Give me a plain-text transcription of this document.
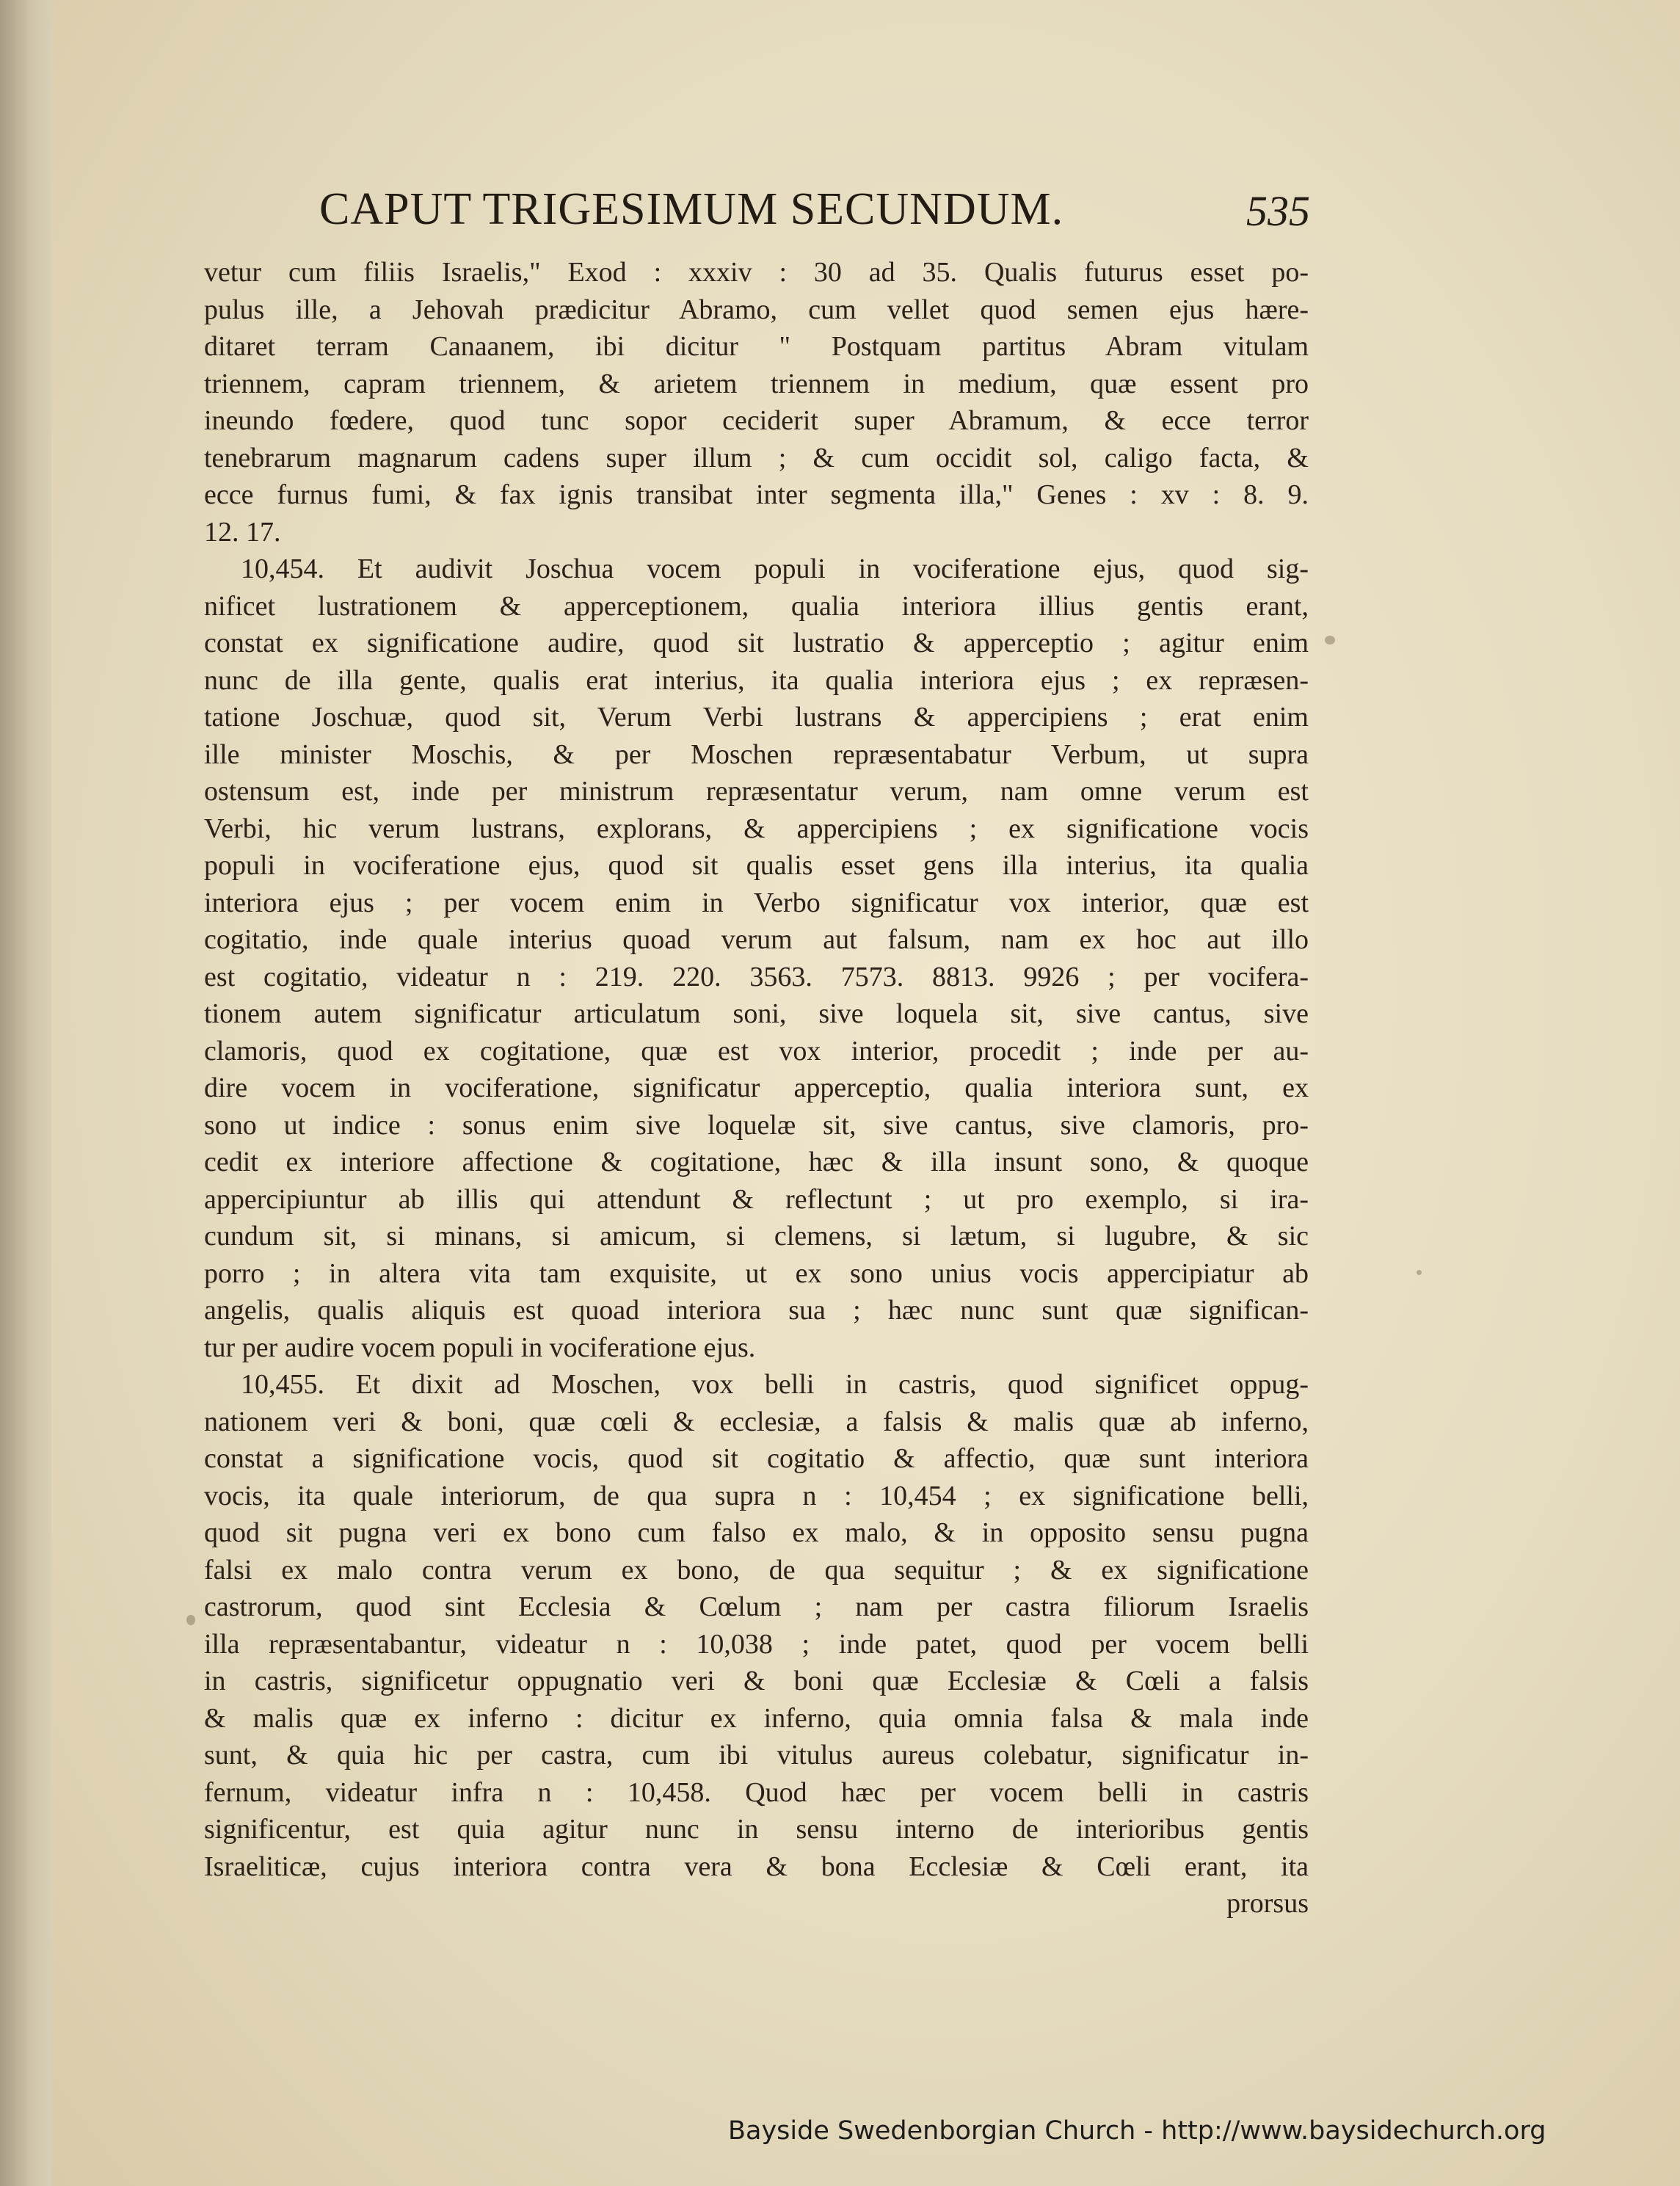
CAPUT TRIGESIMUM SECUNDUM.	535
vetur cum filiis Israelis," Exod : xxxiv : 30 ad 35. Qualis futurus esset po-
pulus ille, a Jehovah prædicitur Abramo, cum vellet quod semen ejus hære-
ditaret terram Canaanem, ibi dicitur " Postquam partitus Abram vitulam
triennem, capram triennem, & arietem triennem in medium, quæ essent pro
ineundo fœdere, quod tunc sopor ceciderit super Abramum, & ecce terror
tenebrarum magnarum cadens super illum ; & cum occidit sol, caligo facta, &
ecce furnus fumi, & fax ignis transibat inter segmenta illa," Genes : xv : 8. 9.
12. 17.
10,454. Et audivit Joschua vocem populi in vociferatione ejus, quod sig-
nificet lustrationem & apperceptionem, qualia interiora illius gentis erant,
constat ex significatione audire, quod sit lustratio & apperceptio ; agitur enim
nunc de illa gente, qualis erat interius, ita qualia interiora ejus ; ex repræsen-
tatione Joschuæ, quod sit, Verum Verbi lustrans & appercipiens ; erat enim
ille minister Moschis, & per Moschen repræsentabatur Verbum, ut supra
ostensum est, inde per ministrum repræsentatur verum, nam omne verum est
Verbi, hic verum lustrans, explorans, & appercipiens ; ex significatione vocis
populi in vociferatione ejus, quod sit qualis esset gens illa interius, ita qualia
interiora ejus ; per vocem enim in Verbo significatur vox interior, quæ est
cogitatio, inde quale interius quoad verum aut falsum, nam ex hoc aut illo
est cogitatio, videatur n : 219. 220. 3563. 7573. 8813. 9926 ; per vocifera-
tionem autem significatur articulatum soni, sive loquela sit, sive cantus, sive
clamoris, quod ex cogitatione, quæ est vox interior, procedit ; inde per au-
dire vocem in vociferatione, significatur apperceptio, qualia interiora sunt, ex
sono ut indice : sonus enim sive loquelæ sit, sive cantus, sive clamoris, pro-
cedit ex interiore affectione & cogitatione, hæc & illa insunt sono, & quoque
appercipiuntur ab illis qui attendunt & reflectunt ; ut pro exemplo, si ira-
cundum sit, si minans, si amicum, si clemens, si lætum, si lugubre, & sic
porro ; in altera vita tam exquisite, ut ex sono unius vocis appercipiatur ab
angelis, qualis aliquis est quoad interiora sua ; hæc nunc sunt quæ significan-
tur per audire vocem populi in vociferatione ejus.
10,455. Et dixit ad Moschen, vox belli in castris, quod significet oppug-
nationem veri & boni, quæ cœli & ecclesiæ, a falsis & malis quæ ab inferno,
constat a significatione vocis, quod sit cogitatio & affectio, quæ sunt interiora
vocis, ita quale interiorum, de qua supra n : 10,454 ; ex significatione belli,
quod sit pugna veri ex bono cum falso ex malo, & in opposito sensu pugna
falsi ex malo contra verum ex bono, de qua sequitur ; & ex significatione
castrorum, quod sint Ecclesia & Cœlum ; nam per castra filiorum Israelis
illa repræsentabantur, videatur n : 10,038 ; inde patet, quod per vocem belli
in castris, significetur oppugnatio veri & boni quæ Ecclesiæ & Cœli a falsis
& malis quæ ex inferno : dicitur ex inferno, quia omnia falsa & mala inde
sunt, & quia hic per castra, cum ibi vitulus aureus colebatur, significatur in-
fernum, videatur infra n : 10,458. Quod hæc per vocem belli in castris
significentur, est quia agitur nunc in sensu interno de interioribus gentis
Israeliticæ, cujus interiora contra vera & bona Ecclesiæ & Cœli erant, ita
prorsus
Bayside Swedenborgian Church - http://www.baysidechurch.org
